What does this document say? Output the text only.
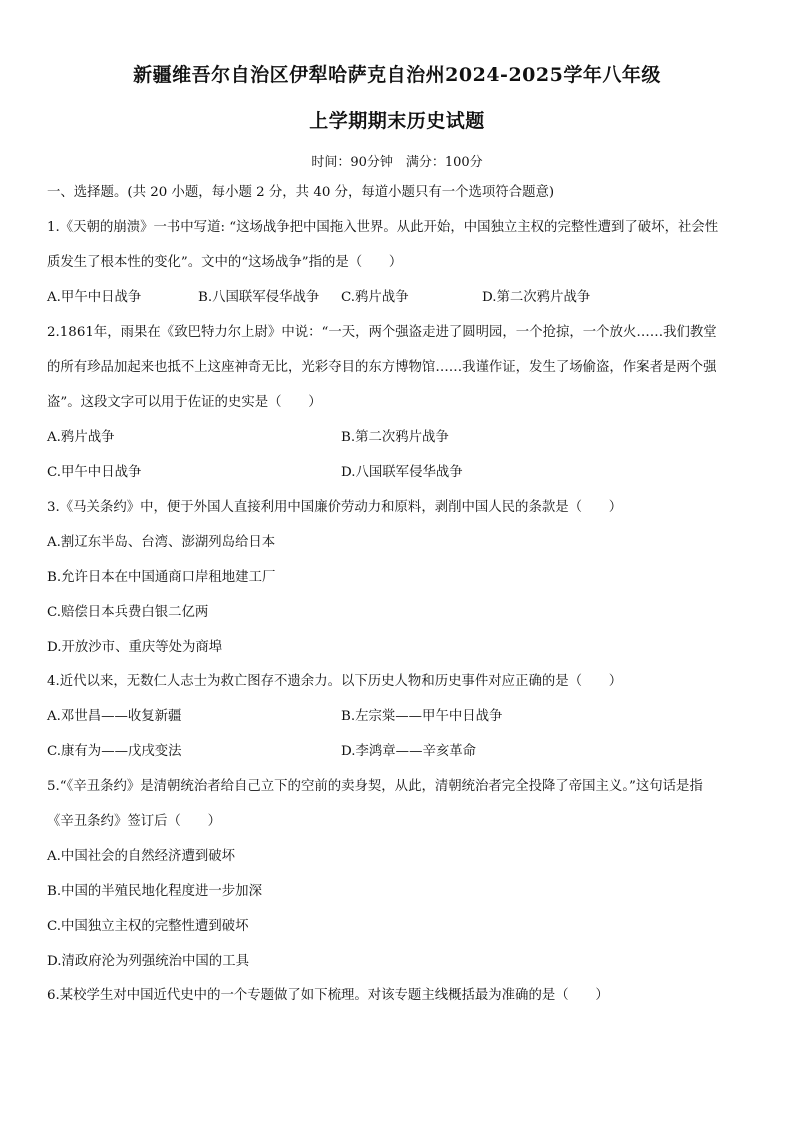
新疆维吾尔自治区伊犁哈萨克自治州2024-2025学年八年级
上学期期末历史试题
时间：90分钟　满分：100分
一、选择题。(共 20 小题，每小题 2 分，共 40 分，每道小题只有一个选项符合题意)
1.《天朝的崩溃》一书中写道: “这场战争把中国拖入世界。从此开始，中国独立主权的完整性遭到了破坏，社会性
质发生了根本性的变化”。文中的“这场战争”指的是（　　）
A.甲午中日战争	B.八国联军侵华战争 C.鸦片战争	D.第二次鸦片战争
2.1861年，雨果在《致巴特力尔上尉》中说：“一天，两个强盗走进了圆明园，一个抢掠，一个放火……我们教堂
的所有珍品加起来也抵不上这座神奇无比，光彩夺目的东方博物馆……我谨作证，发生了场偷盗，作案者是两个强
盗”。这段文字可以用于佐证的史实是（　　）
A.鸦片战争	B.第二次鸦片战争
C.甲午中日战争	D.八国联军侵华战争
3.《马关条约》中，便于外国人直接利用中国廉价劳动力和原料，剥削中国人民的条款是（　　）
A.割辽东半岛、台湾、澎湖列岛给日本
B.允许日本在中国通商口岸租地建工厂
C.赔偿日本兵费白银二亿两
D.开放沙市、重庆等处为商埠
4.近代以来，无数仁人志士为救亡图存不遗余力。以下历史人物和历史事件对应正确的是（　　）
A.邓世昌——收复新疆	B.左宗棠——甲午中日战争
C.康有为——戊戌变法	D.李鸿章——辛亥革命
5.“《辛丑条约》是清朝统治者给自己立下的空前的卖身契，从此，清朝统治者完全投降了帝国主义。”这句话是指
《辛丑条约》签订后（　　）
A.中国社会的自然经济遭到破坏
B.中国的半殖民地化程度进一步加深
C.中国独立主权的完整性遭到破坏
D.清政府沦为列强统治中国的工具
6.某校学生对中国近代史中的一个专题做了如下梳理。对该专题主线概括最为准确的是（　　）
